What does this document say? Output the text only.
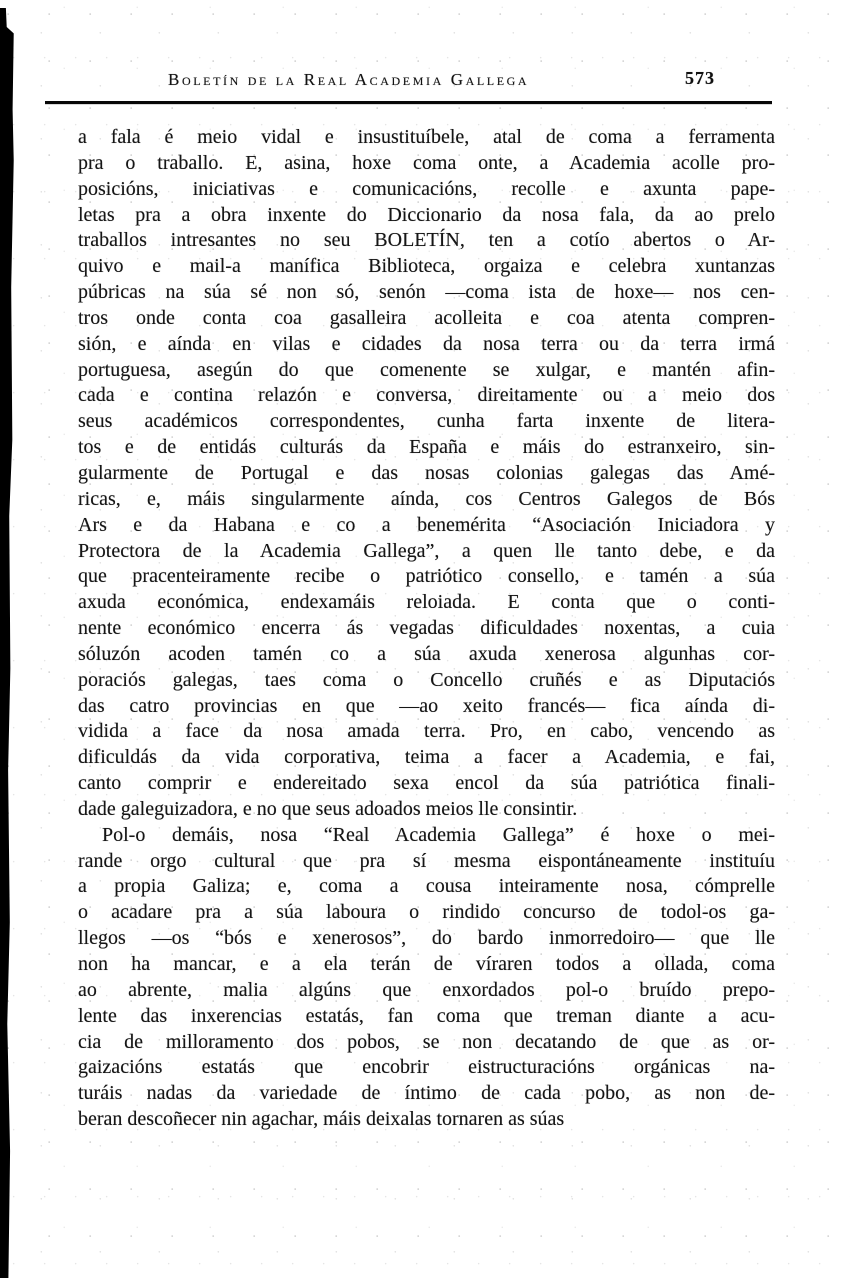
Boletín de la Real Academia Gallega	573
a fala é meio vidal e insustituíbele, atal de coma a ferramenta
pra o traballo. E, asina, hoxe coma onte, a Academia acolle pro-
posicións, iniciativas e comunicacións, recolle e axunta pape-
letas pra a obra inxente do Diccionario da nosa fala, da ao prelo
traballos intresantes no seu BOLETÍN, ten a cotío abertos o Ar-
quivo e mail-a manífica Biblioteca, orgaiza e celebra xuntanzas
púbricas na súa sé non só, senón —coma ista de hoxe— nos cen-
tros onde conta coa gasalleira acolleita e coa atenta compren-
sión, e aínda en vilas e cidades da nosa terra ou da terra irmá
portuguesa, asegún do que comenente se xulgar, e mantén afin-
cada e contina relazón e conversa, direitamente ou a meio dos
seus académicos correspondentes, cunha farta inxente de litera-
tos e de entidás culturás da España e máis do estranxeiro, sin-
gularmente de Portugal e das nosas colonias galegas das Amé-
ricas, e, máis singularmente aínda, cos Centros Galegos de Bós
Ars e da Habana e co a benemérita “Asociación Iniciadora y
Protectora de la Academia Gallega”, a quen lle tanto debe, e da
que pracenteiramente recibe o patriótico consello, e tamén a súa
axuda económica, endexamáis reloiada. E conta que o conti-
nente económico encerra ás vegadas dificuldades noxentas, a cuia
sóluzón acoden tamén co a súa axuda xenerosa algunhas cor-
poraciós galegas, taes coma o Concello cruñés e as Diputaciós
das catro provincias en que —ao xeito francés— fica aínda di-
vidida a face da nosa amada terra. Pro, en cabo, vencendo as
dificuldás da vida corporativa, teima a facer a Academia, e fai,
canto comprir e endereitado sexa encol da súa patriótica finali-
dade galeguizadora, e no que seus adoados meios lle consintir.
Pol-o demáis, nosa “Real Academia Gallega” é hoxe o mei-
rande orgo cultural que pra sí mesma eispontáneamente instituíu
a propia Galiza; e, coma a cousa inteiramente nosa, cómprelle
o acadare pra a súa laboura o rindido concurso de todol-os ga-
llegos —os “bós e xenerosos”, do bardo inmorredoiro— que lle
non ha mancar, e a ela terán de víraren todos a ollada, coma
ao abrente, malia algúns que enxordados pol-o bruído prepo-
lente das inxerencias estatás, fan coma que treman diante a acu-
cia de milloramento dos pobos, se non decatando de que as or-
gaizacións estatás que encobrir eistructuracións orgánicas na-
turáis nadas da variedade de íntimo de cada pobo, as non de-
beran descoñecer nin agachar, máis deixalas tornaren as súas
